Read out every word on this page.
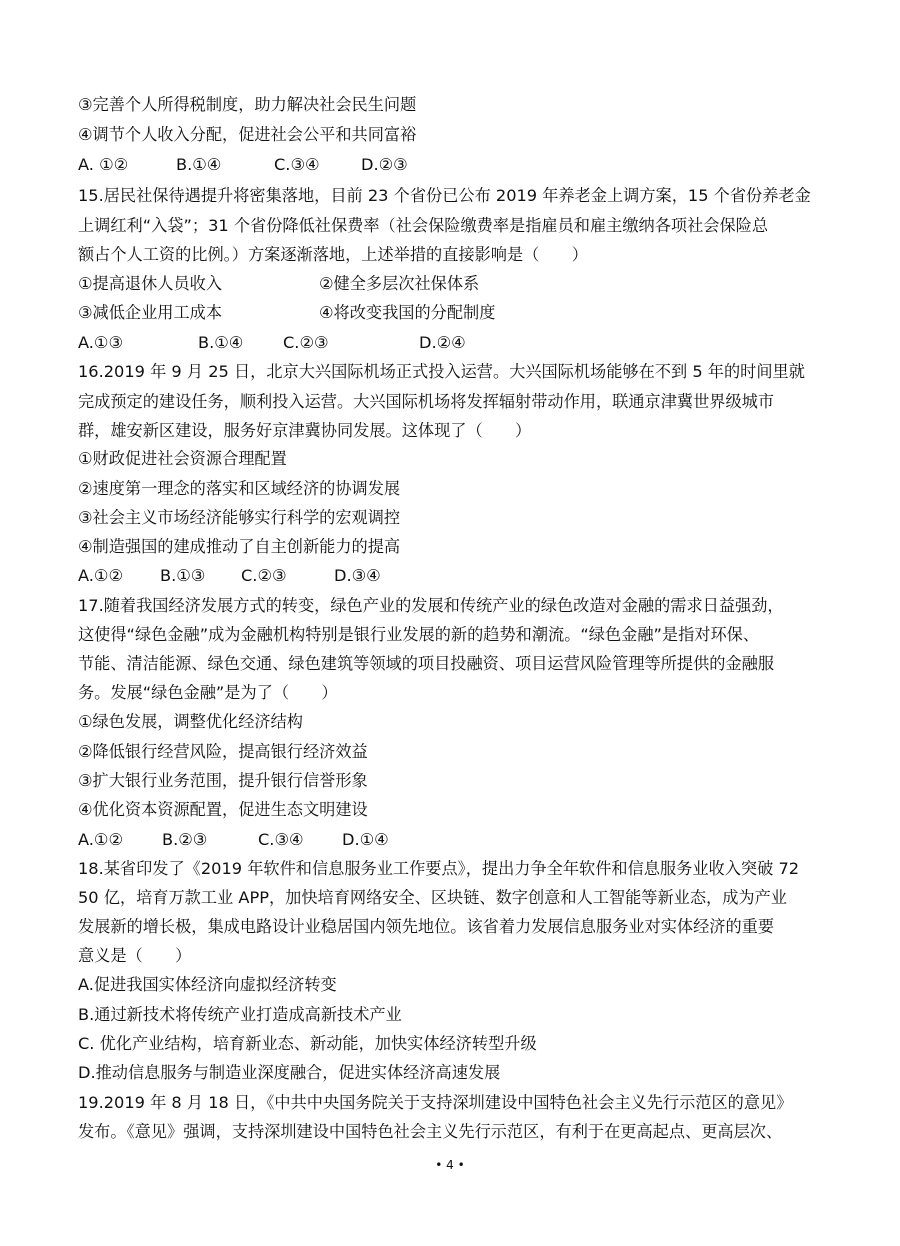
③完善个人所得税制度，助力解决社会民生问题
④调节个人收入分配，促进社会公平和共同富裕
A. ①②	B.①④	C.③④	D.②③
15.居民社保待遇提升将密集落地，目前 23 个省份已公布 2019 年养老金上调方案，15 个省份养老金
上调红利“入袋”；31 个省份降低社保费率（社会保险缴费率是指雇员和雇主缴纳各项社会保险总
额占个人工资的比例。）方案逐渐落地，上述举措的直接影响是（　　）
①提高退休人员收入	②健全多层次社保体系
③减低企业用工成本	④将改变我国的分配制度
A.①③	B.①④ C.②③	D.②④
16.2019 年 9 月 25 日，北京大兴国际机场正式投入运营。大兴国际机场能够在不到 5 年的时间里就
完成预定的建设任务，顺利投入运营。大兴国际机场将发挥辐射带动作用，联通京津冀世界级城市
群，雄安新区建设，服务好京津冀协同发展。这体现了（　　）
①财政促进社会资源合理配置
②速度第一理念的落实和区域经济的协调发展
③社会主义市场经济能够实行科学的宏观调控
④制造强国的建成推动了自主创新能力的提高
A.①② B.①③ C.②③	D.③④
17.随着我国经济发展方式的转变，绿色产业的发展和传统产业的绿色改造对金融的需求日益强劲，
这使得“绿色金融”成为金融机构特别是银行业发展的新的趋势和潮流。“绿色金融”是指对环保、
节能、清洁能源、绿色交通、绿色建筑等领域的项目投融资、项目运营风险管理等所提供的金融服
务。发展“绿色金融”是为了（　　）
①绿色发展，调整优化经济结构
②降低银行经营风险，提高银行经济效益
③扩大银行业务范围，提升银行信誉形象
④优化资本资源配置，促进生态文明建设
A.①② B.②③	C.③④ D.①④
18.某省印发了《2019 年软件和信息服务业工作要点》，提出力争全年软件和信息服务业收入突破 72
50 亿，培育万款工业 APP，加快培育网络安全、区块链、数字创意和人工智能等新业态，成为产业
发展新的增长极，集成电路设计业稳居国内领先地位。该省着力发展信息服务业对实体经济的重要
意义是（　　）
A.促进我国实体经济向虚拟经济转变
B.通过新技术将传统产业打造成高新技术产业
C. 优化产业结构，培育新业态、新动能，加快实体经济转型升级
D.推动信息服务与制造业深度融合，促进实体经济高速发展
19.2019 年 8 月 18 日，《中共中央国务院关于支持深圳建设中国特色社会主义先行示范区的意见》
发布。《意见》强调，支持深圳建设中国特色社会主义先行示范区，有利于在更高起点、更高层次、
• 4 •
